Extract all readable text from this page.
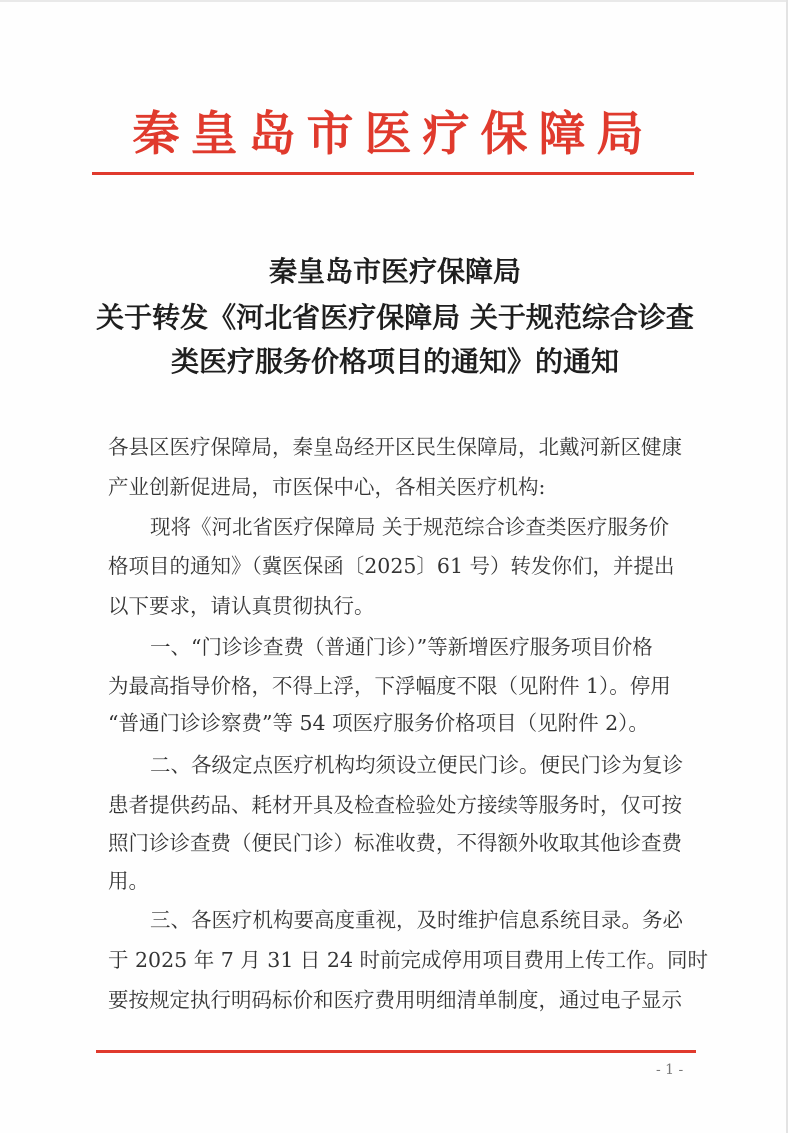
秦皇岛市医疗保障局
秦皇岛市医疗保障局
关于转发《河北省医疗保障局 关于规范综合诊查
类医疗服务价格项目的通知》的通知
各县区医疗保障局，秦皇岛经开区民生保障局，北戴河新区健康
产业创新促进局，市医保中心，各相关医疗机构:
现将《河北省医疗保障局 关于规范综合诊查类医疗服务价
格项目的通知》（冀医保函〔2025〕61 号）转发你们，并提出
以下要求，请认真贯彻执行。
一、“门诊诊查费（普通门诊）”等新增医疗服务项目价格
为最高指导价格，不得上浮，下浮幅度不限（见附件 1）。停用
“普通门诊诊察费”等 54 项医疗服务价格项目（见附件 2）。
二、各级定点医疗机构均须设立便民门诊。便民门诊为复诊
患者提供药品、耗材开具及检查检验处方接续等服务时，仅可按
照门诊诊查费（便民门诊）标准收费，不得额外收取其他诊查费
用。
三、各医疗机构要高度重视，及时维护信息系统目录。务必
于 2025 年 7 月 31 日 24 时前完成停用项目费用上传工作。同时
要按规定执行明码标价和医疗费用明细清单制度，通过电子显示
- 1 -
